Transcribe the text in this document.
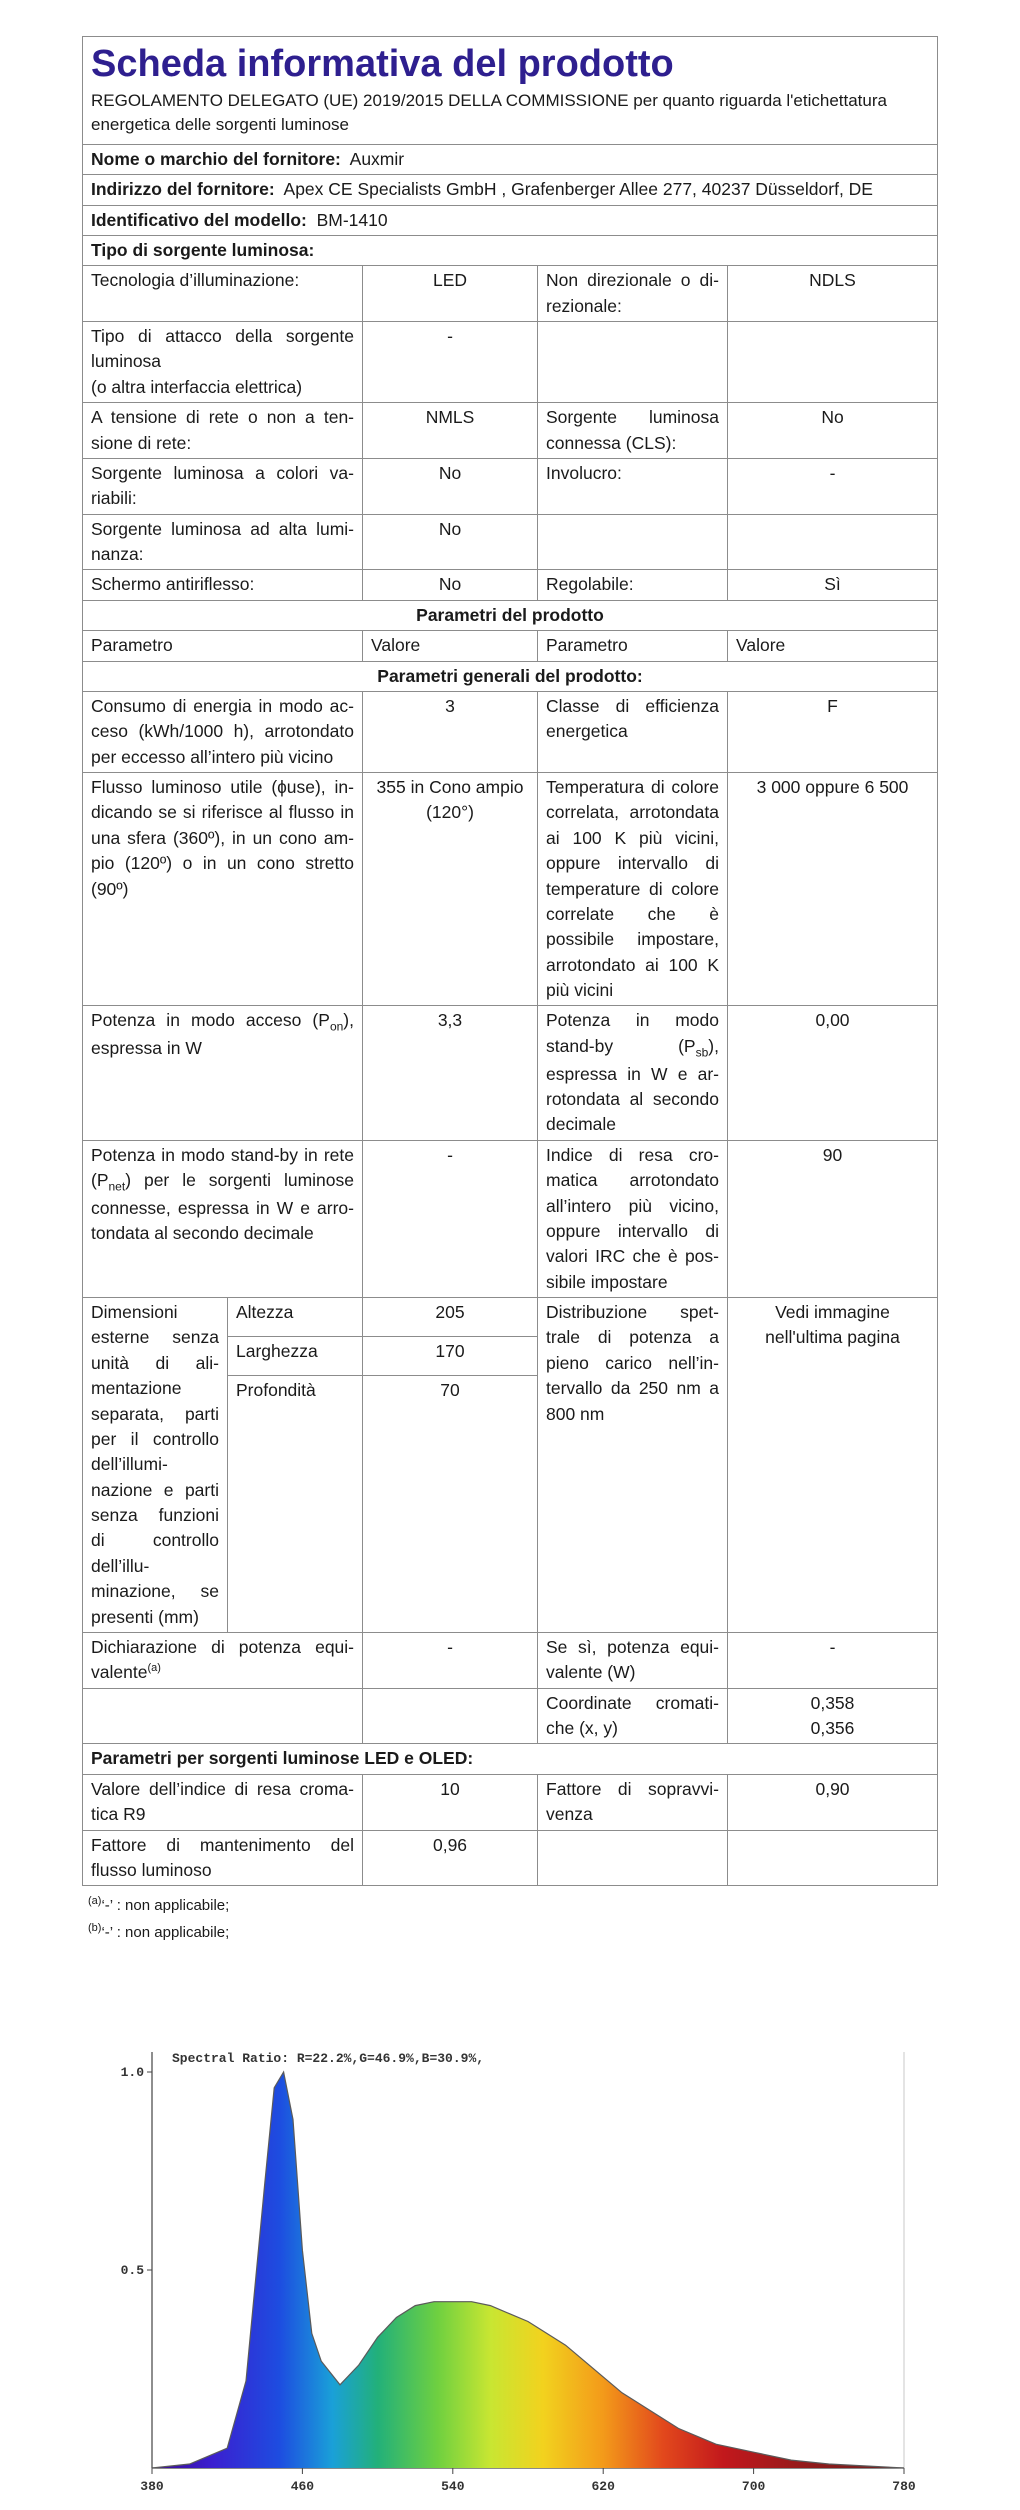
Scheda informativa del prodotto
REGOLAMENTO DELEGATO (UE) 2019/2015 DELLA COMMISSIONE per quanto riguarda l'etichettatura energetica delle sorgenti luminose				

Nome o marchio del fornitore: Auxmir				
Indirizzo del fornitore: Apex CE Specialists GmbH , Grafenberger Allee 277, 40237 Düsseldorf, DE				
Identificativo del modello: BM-1410				
Tipo di sorgente luminosa:				
Tecnologia d’illuminazione:		LED	Non direzionale o direzionale:	NDLS
Tipo di attacco della sorgente luminosa
(o altra interfaccia elettrica)		-		
A tensione di rete o non a tensione di rete:		NMLS	Sorgente luminosa connessa (CLS):	No
Sorgente luminosa a colori variabili:		No	Involucro:	-
Sorgente luminosa ad alta luminanza:		No		
Schermo antiriflesso:		No	Regolabile:	Sì
Parametri del prodotto				
Parametro		Valore	Parametro	Valore
Parametri generali del prodotto:				
Consumo di energia in modo acceso (kWh/1000 h), arrotondato per eccesso all’intero più vicino		3	Classe di efficienza energetica	F
Flusso luminoso utile (ɸuse), indicando se si riferisce al flusso in una sfera (360º), in un cono ampio (120º) o in un cono stretto (90º)		355 in Cono ampio (120°)	Temperatura di colore correlata, arrotondata ai 100 K più vicini, oppure intervallo di temperature di colore correlate che è possibile impostare, arrotondato ai 100 K più vicini	3 000 oppure 6 500
Potenza in modo acceso $(P_{on})$, espressa in W		3,3	Potenza in modo stand-by $(P_{sb})$, espressa in W e arrotondata al secondo decimale	0,00
Potenza in modo stand-by in rete $(P_{net})$ per le sorgenti luminose connesse, espressa in W e arrotondata al secondo decimale		-	Indice di resa cromatica arrotondato all’intero più vicino, oppure intervallo di valori IRC che è possibile impostare	90
Dimensioni esterne senza unità di alimentazione separata, parti per il controllo dell’illuminazione e parti senza funzioni di controllo dell’illuminazione, se presenti (mm)	Altezza	205	Distribuzione spettrale di potenza a pieno carico nell’intervallo da 250 nm a 800 nm	Vedi immagine nell'ultima pagina
	Larghezza	170		
	Profondità	70		
Dichiarazione di potenza equivalente$^{(a)}$		-	Se sì, potenza equivalente (W)	-
			Coordinate cromatiche (x, y)	0,358
0,356

Parametri per sorgenti luminose LED e OLED:				
Valore dell’indice di resa cromatica R9		10	Fattore di sopravvivenza	0,90
Fattore di mantenimento del flusso luminoso		0,96		
$^{(a)}$‘-’ : non applicabile;
$^{(b)}$‘-’ : non applicabile;
380	460	540	620	700	780
0.5
1.0
Spectral Ratio: R=22.2%,G=46.9%,B=30.9%,
